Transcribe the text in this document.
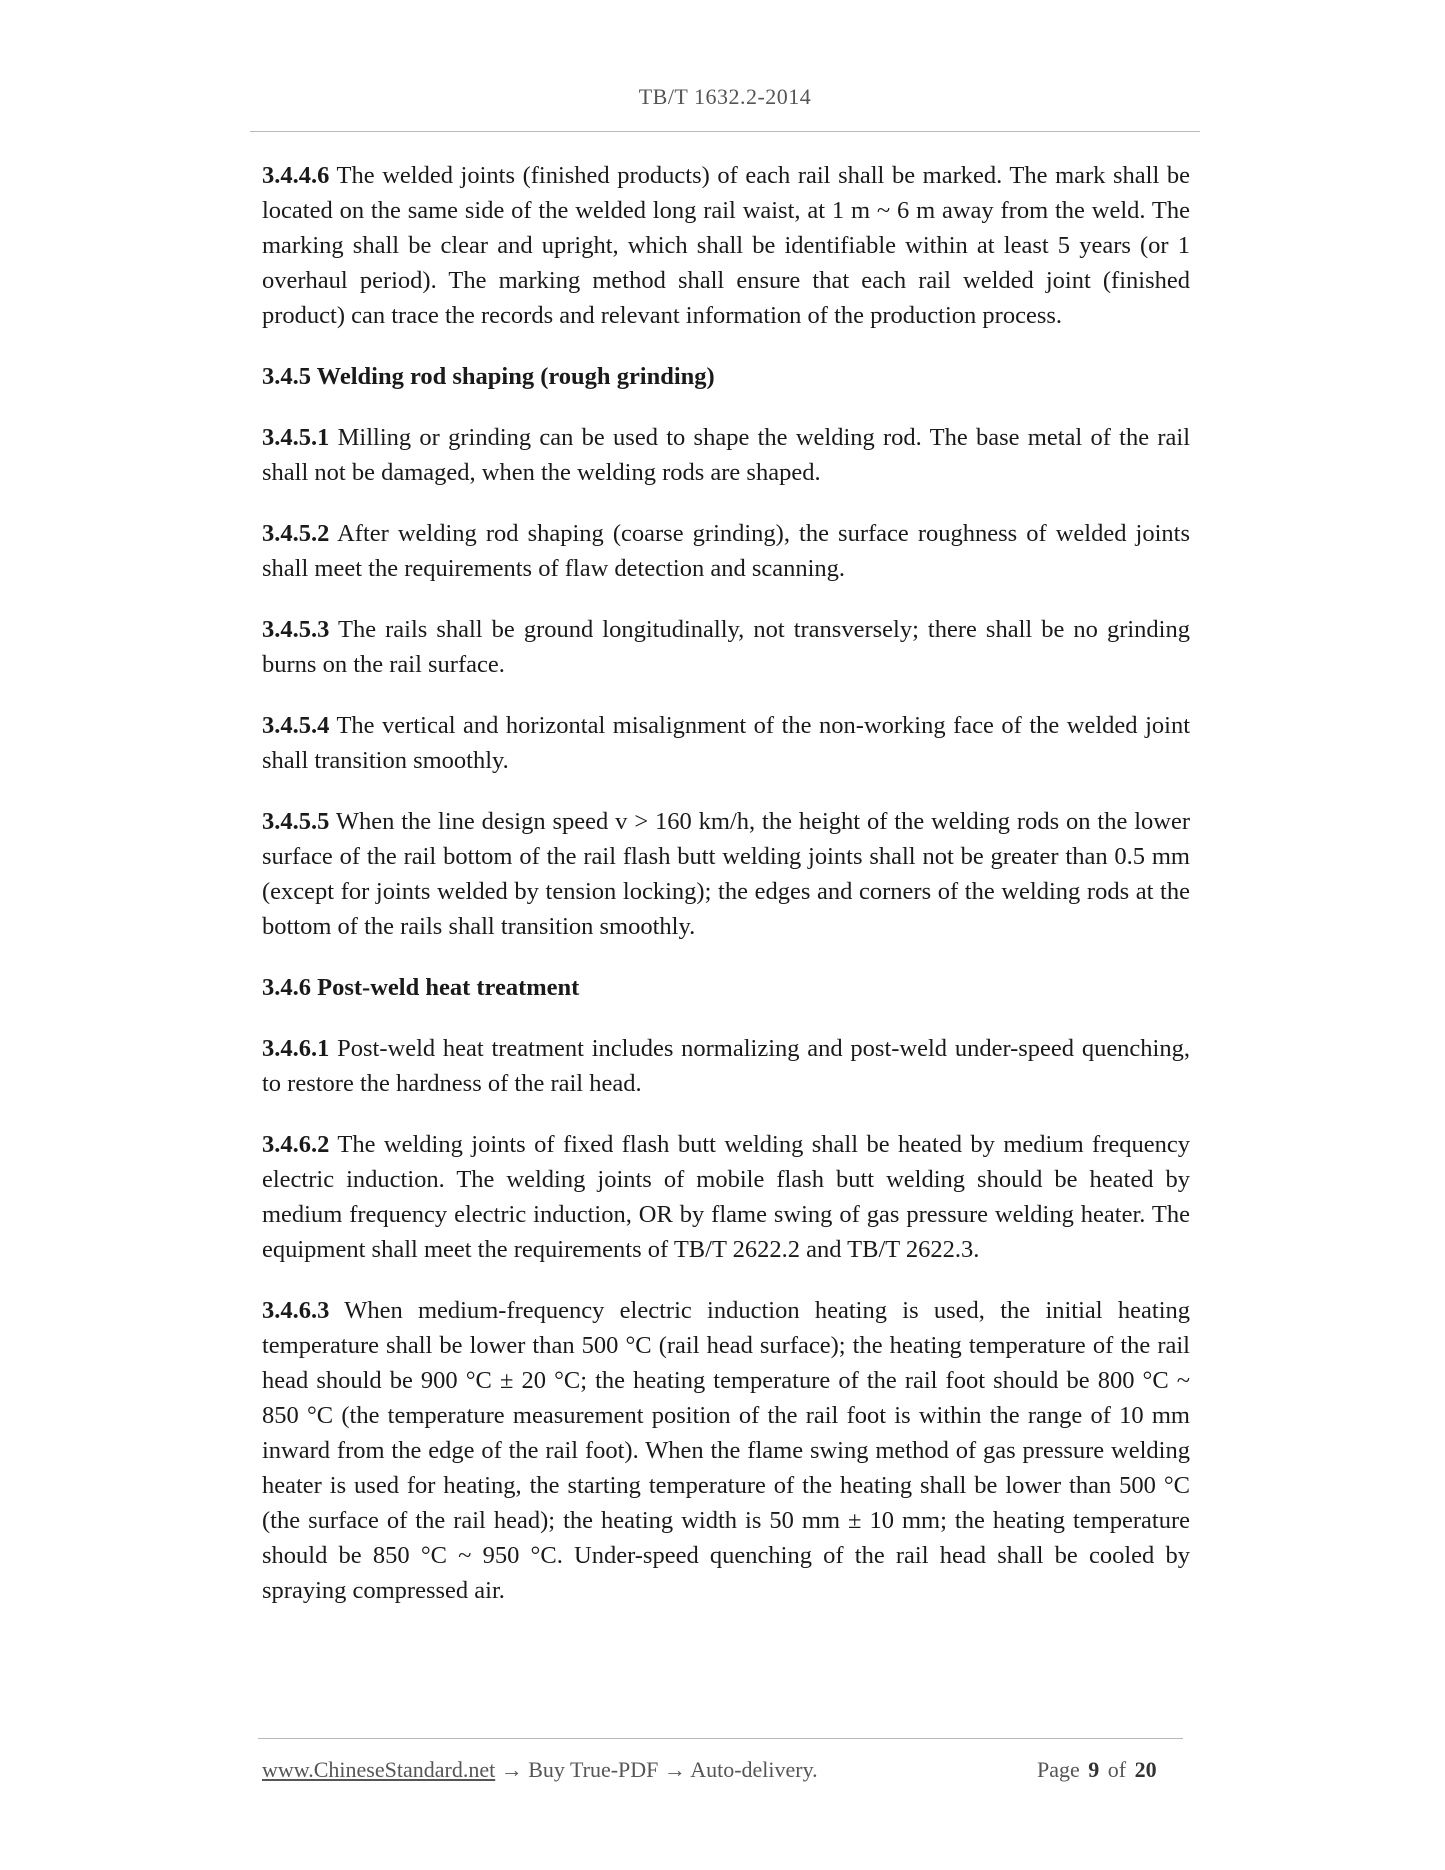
TB/T 1632.2-2014

3.4.4.6 The welded joints (finished products) of each rail shall be marked. The mark shall be located on the same side of the welded long rail waist, at 1 m ~ 6 m away from the weld. The marking shall be clear and upright, which shall be identifiable within at least 5 years (or 1 overhaul period). The marking method shall ensure that each rail welded joint (finished product) can trace the records and relevant information of the production process.

3.4.5 Welding rod shaping (rough grinding)

3.4.5.1 Milling or grinding can be used to shape the welding rod. The base metal of the rail shall not be damaged, when the welding rods are shaped.

3.4.5.2 After welding rod shaping (coarse grinding), the surface roughness of welded joints shall meet the requirements of flaw detection and scanning.

3.4.5.3 The rails shall be ground longitudinally, not transversely; there shall be no grinding burns on the rail surface.

3.4.5.4 The vertical and horizontal misalignment of the non-working face of the welded joint shall transition smoothly.

3.4.5.5 When the line design speed v > 160 km/h, the height of the welding rods on the lower surface of the rail bottom of the rail flash butt welding joints shall not be greater than 0.5 mm (except for joints welded by tension locking); the edges and corners of the welding rods at the bottom of the rails shall transition smoothly.

3.4.6 Post-weld heat treatment

3.4.6.1 Post-weld heat treatment includes normalizing and post-weld under-speed quenching, to restore the hardness of the rail head.

3.4.6.2 The welding joints of fixed flash butt welding shall be heated by medium frequency electric induction. The welding joints of mobile flash butt welding should be heated by medium frequency electric induction, OR by flame swing of gas pressure welding heater. The equipment shall meet the requirements of TB/T 2622.2 and TB/T 2622.3.

3.4.6.3 When medium-frequency electric induction heating is used, the initial heating temperature shall be lower than 500 °C (rail head surface); the heating temperature of the rail head should be 900 °C ± 20 °C; the heating temperature of the rail foot should be 800 °C ~ 850 °C (the temperature measurement position of the rail foot is within the range of 10 mm inward from the edge of the rail foot). When the flame swing method of gas pressure welding heater is used for heating, the starting temperature of the heating shall be lower than 500 °C (the surface of the rail head); the heating width is 50 mm ± 10 mm; the heating temperature should be 850 °C ~ 950 °C. Under-speed quenching of the rail head shall be cooled by spraying compressed air.

www.ChineseStandard.net → Buy True-PDF → Auto-delivery.	Page 9 of 20
